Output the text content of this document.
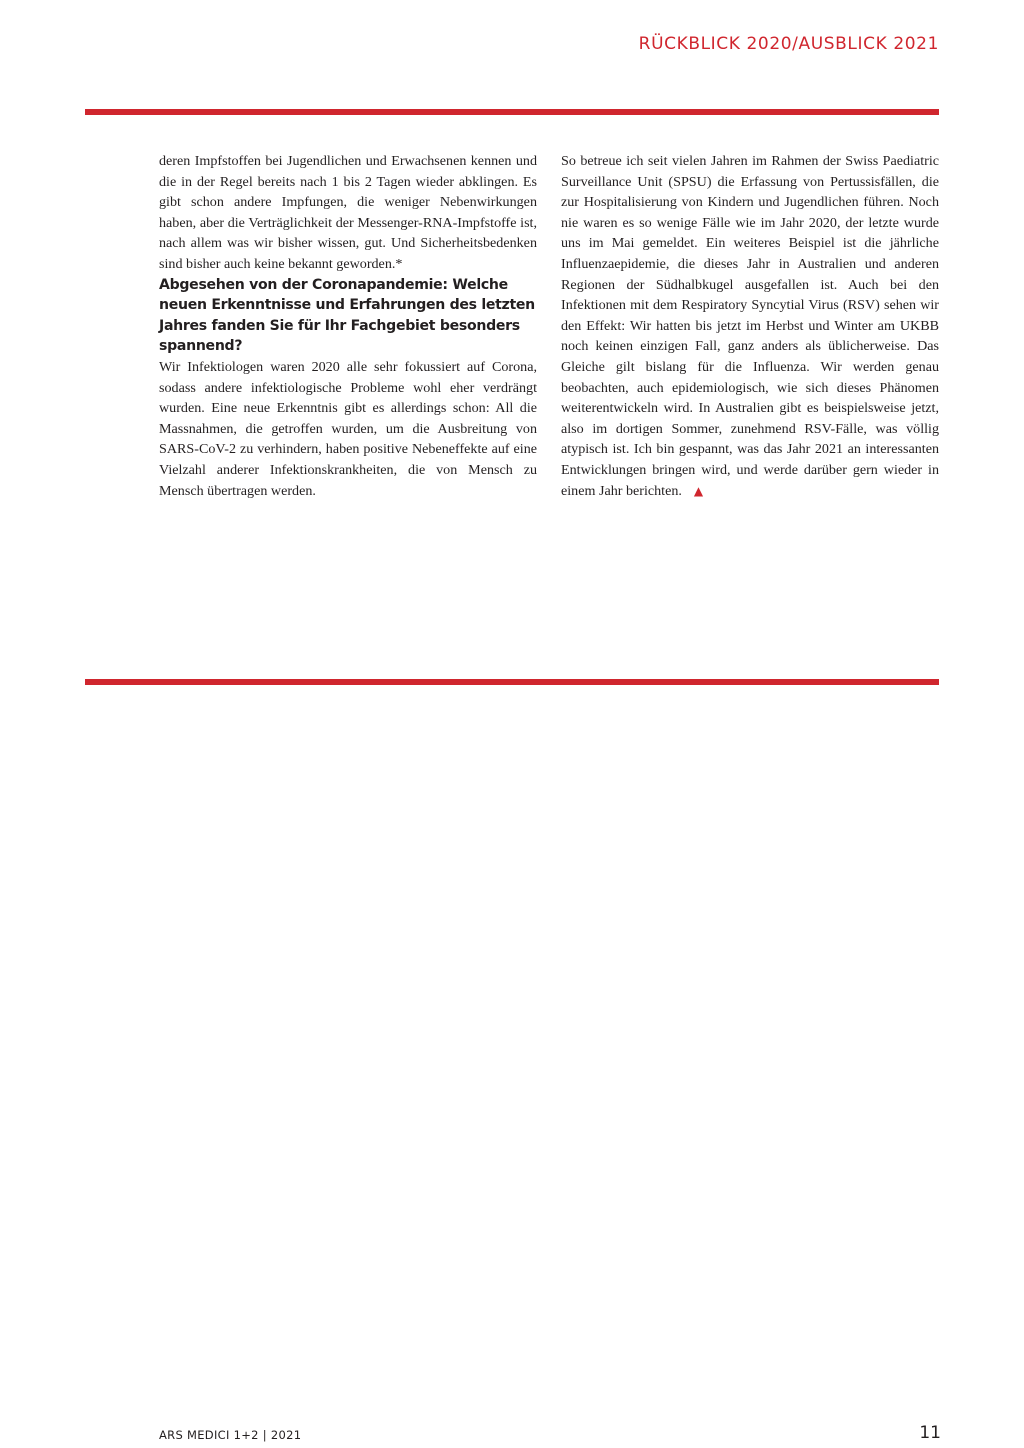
RÜCKBLICK 2020/AUSBLICK 2021

deren Impfstoffen bei Jugendlichen und Erwachsenen kennen und die in der Regel bereits nach 1 bis 2 Tagen wieder abklingen. Es gibt schon andere Impfungen, die weniger Nebenwirkungen haben, aber die Verträglichkeit der Messenger-RNA-Impfstoffe ist, nach allem was wir bisher wissen, gut. Und Sicherheitsbedenken sind bisher auch keine bekannt geworden.*

Abgesehen von der Coronapandemie: Welche neuen Erkenntnisse und Erfahrungen des letzten Jahres fanden Sie für Ihr Fachgebiet besonders spannend?

Wir Infektiologen waren 2020 alle sehr fokussiert auf Corona, sodass andere infektiologische Probleme wohl eher verdrängt wurden. Eine neue Erkenntnis gibt es allerdings schon: All die Massnahmen, die getroffen wurden, um die Ausbreitung von SARS-CoV-2 zu verhindern, haben positive Nebeneffekte auf eine Vielzahl anderer Infektionskrankheiten, die von Mensch zu Mensch übertragen werden.

So betreue ich seit vielen Jahren im Rahmen der Swiss Paediatric Surveillance Unit (SPSU) die Erfassung von Pertussisfällen, die zur Hospitalisierung von Kindern und Jugendlichen führen. Noch nie waren es so wenige Fälle wie im Jahr 2020, der letzte wurde uns im Mai gemeldet. Ein weiteres Beispiel ist die jährliche Influenzaepidemie, die dieses Jahr in Australien und anderen Regionen der Südhalbkugel ausgefallen ist. Auch bei den Infektionen mit dem Respiratory Syncytial Virus (RSV) sehen wir den Effekt: Wir hatten bis jetzt im Herbst und Winter am UKBB noch keinen einzigen Fall, ganz anders als üblicherweise. Das Gleiche gilt bislang für die Influenza. Wir werden genau beobachten, auch epidemiologisch, wie sich dieses Phänomen weiterentwickeln wird. In Australien gibt es beispielsweise jetzt, also im dortigen Sommer, zunehmend RSV-Fälle, was völlig atypisch ist. Ich bin gespannt, was das Jahr 2021 an interessanten Entwicklungen bringen wird, und werde darüber gern wieder in einem Jahr berichten. ▲

ARS MEDICI 1+2 | 2021	11
